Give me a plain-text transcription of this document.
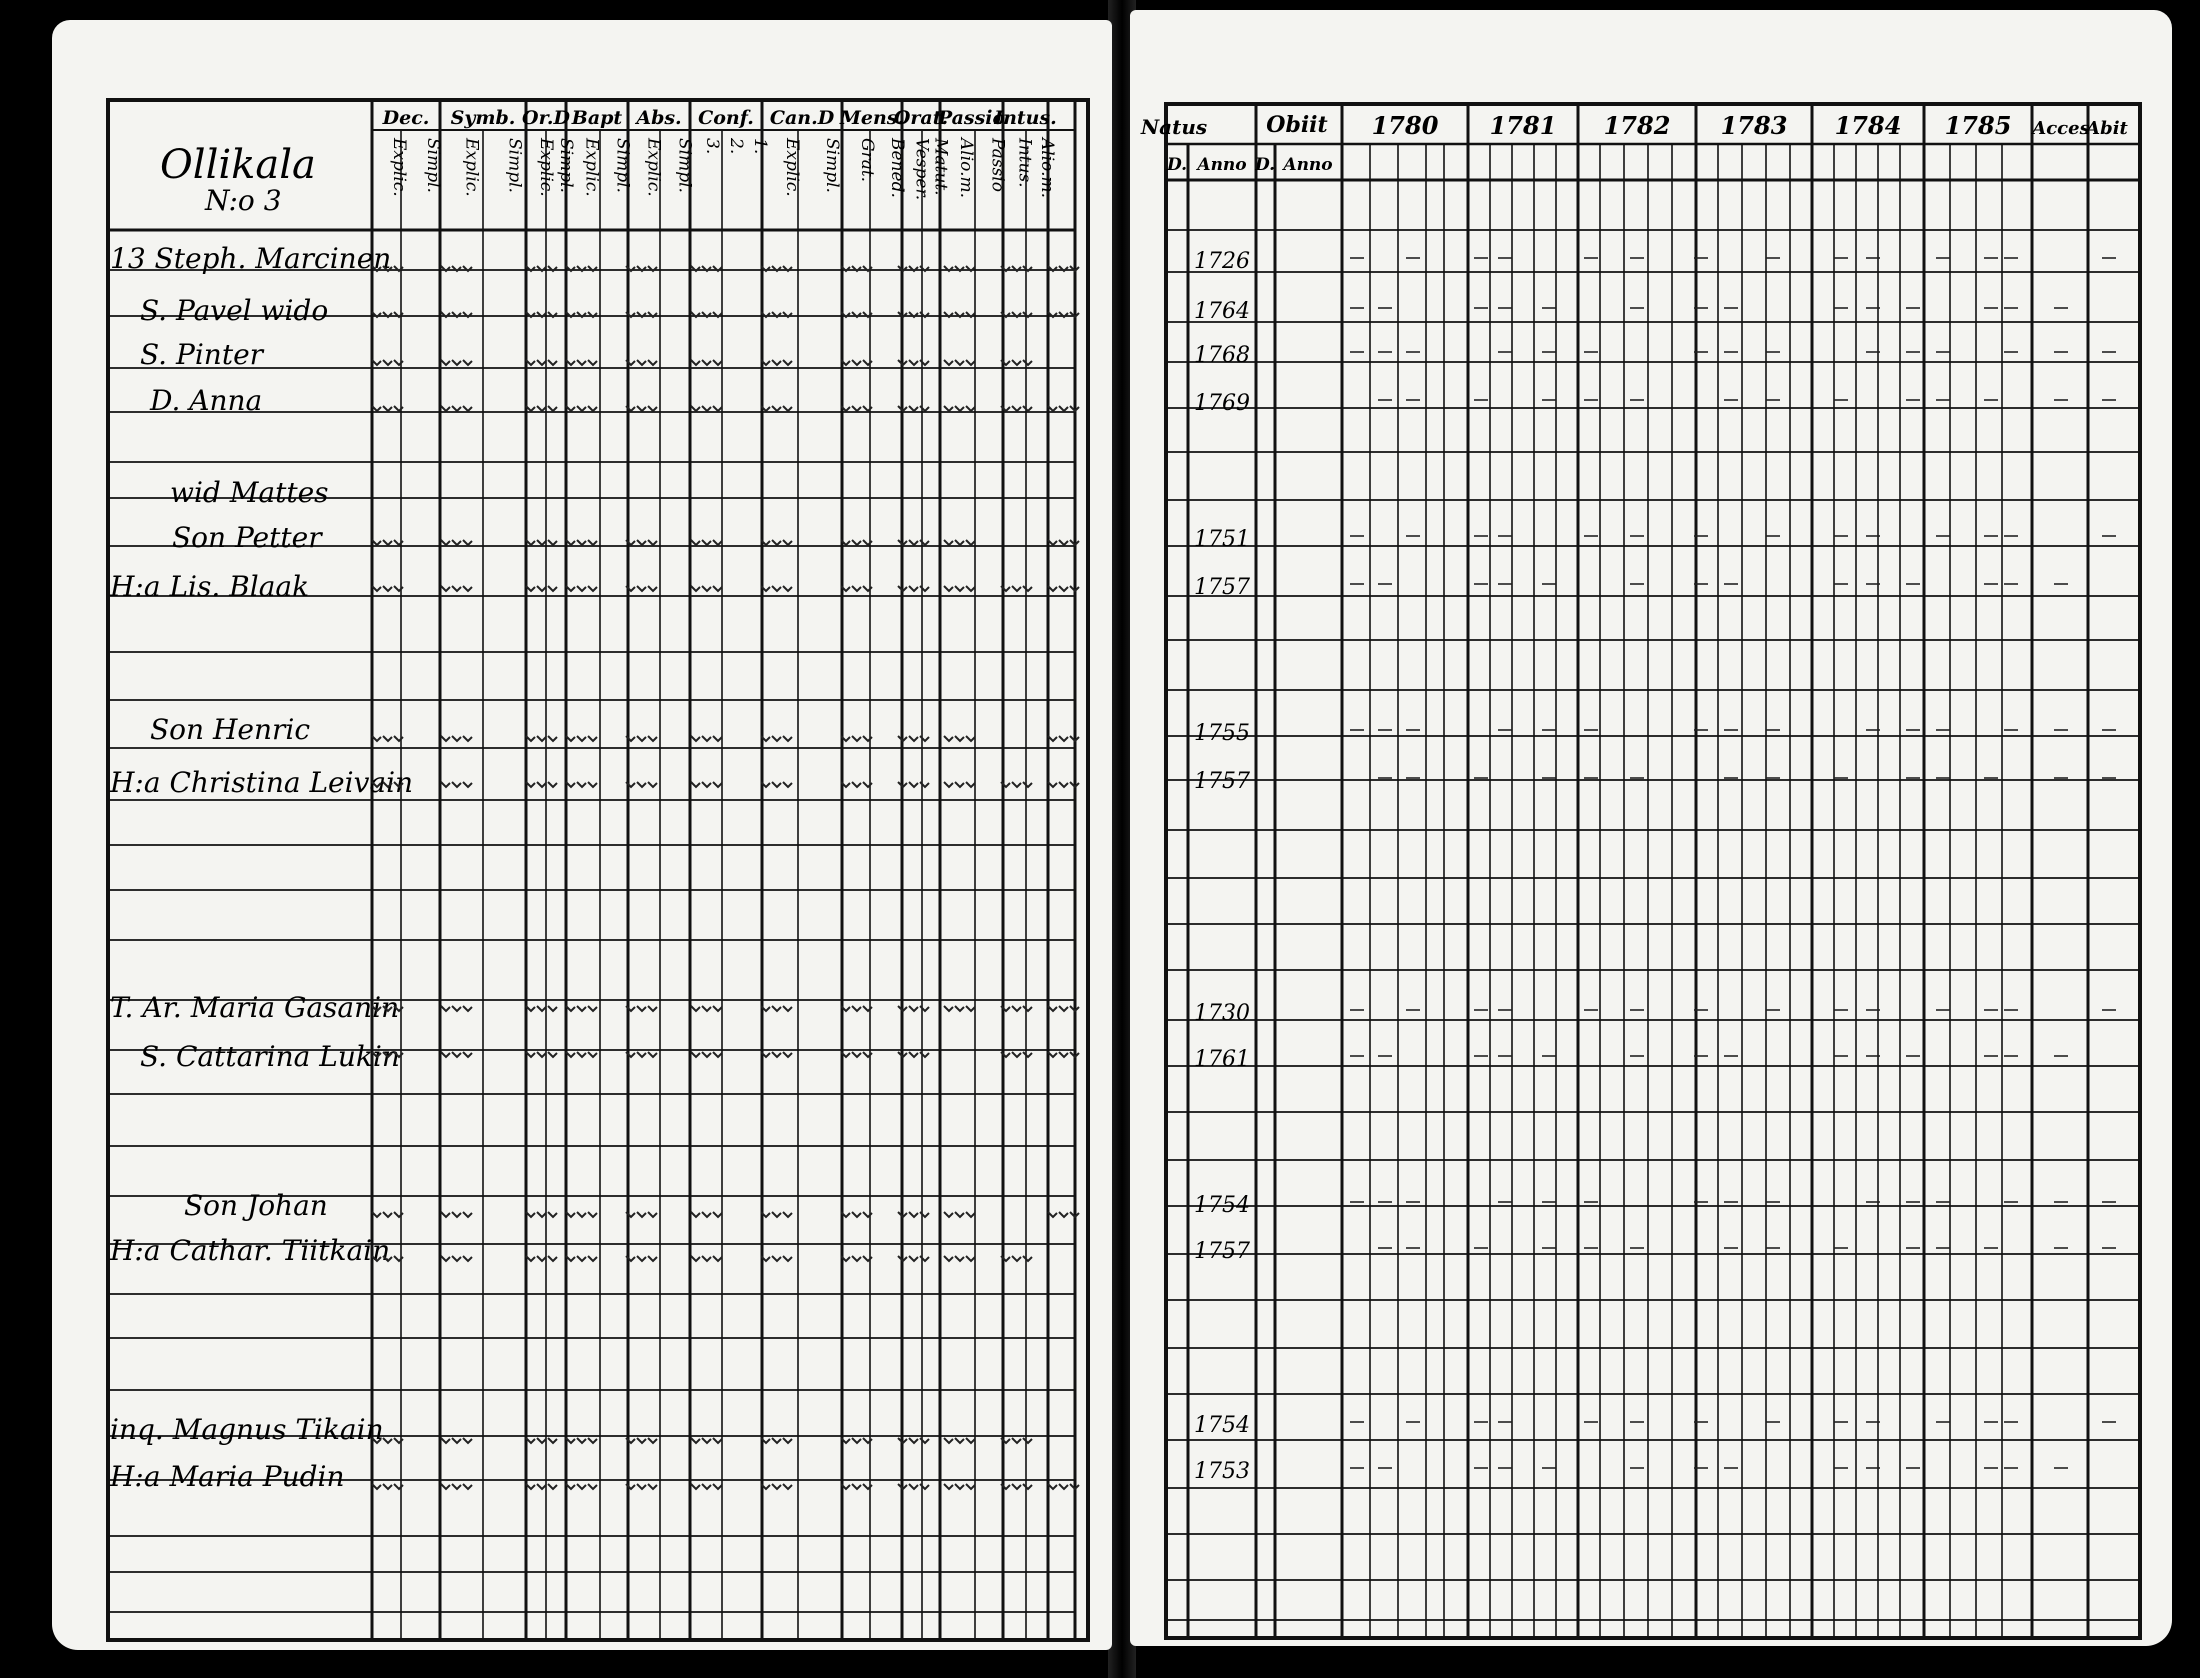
Ollikala
N:o 3
Dec.
Explic. Simpl.
Symb.
Explic. Simpl.
Or.D
Explic. Simpl.
Bapt
Explic. Simpl.
Abs.
Explic. Simpl.
Conf.
3. 2. 1.
Can.D
Explic. Simpl.
Mens.
Grat. Bened.
Orat.
Vesper. Matut.
Passio
Alio.m. Passio
Intus.
Intus. Alio.m.
13 Steph. Marcinen
S. Pavel wido
S. Pinter
D. Anna
wid Mattes
Son Petter
H:a Lis. Blaak
Son Henric
H:a Christina Leivain
T. Ar. Maria Gasanin
S. Cattarina Lukin
Son Johan
H:a Cathar. Tiitkain
inq. Magnus Tikain
H:a Maria Pudin
Natus	Obiit	Acces
Abit
1780 1781 1782 1783 1784 1785
D. Anno D. Anno
1726
1764
1768
1769
1751
1757
1755
1757
1730
1761
1754
1757
1754
1753
